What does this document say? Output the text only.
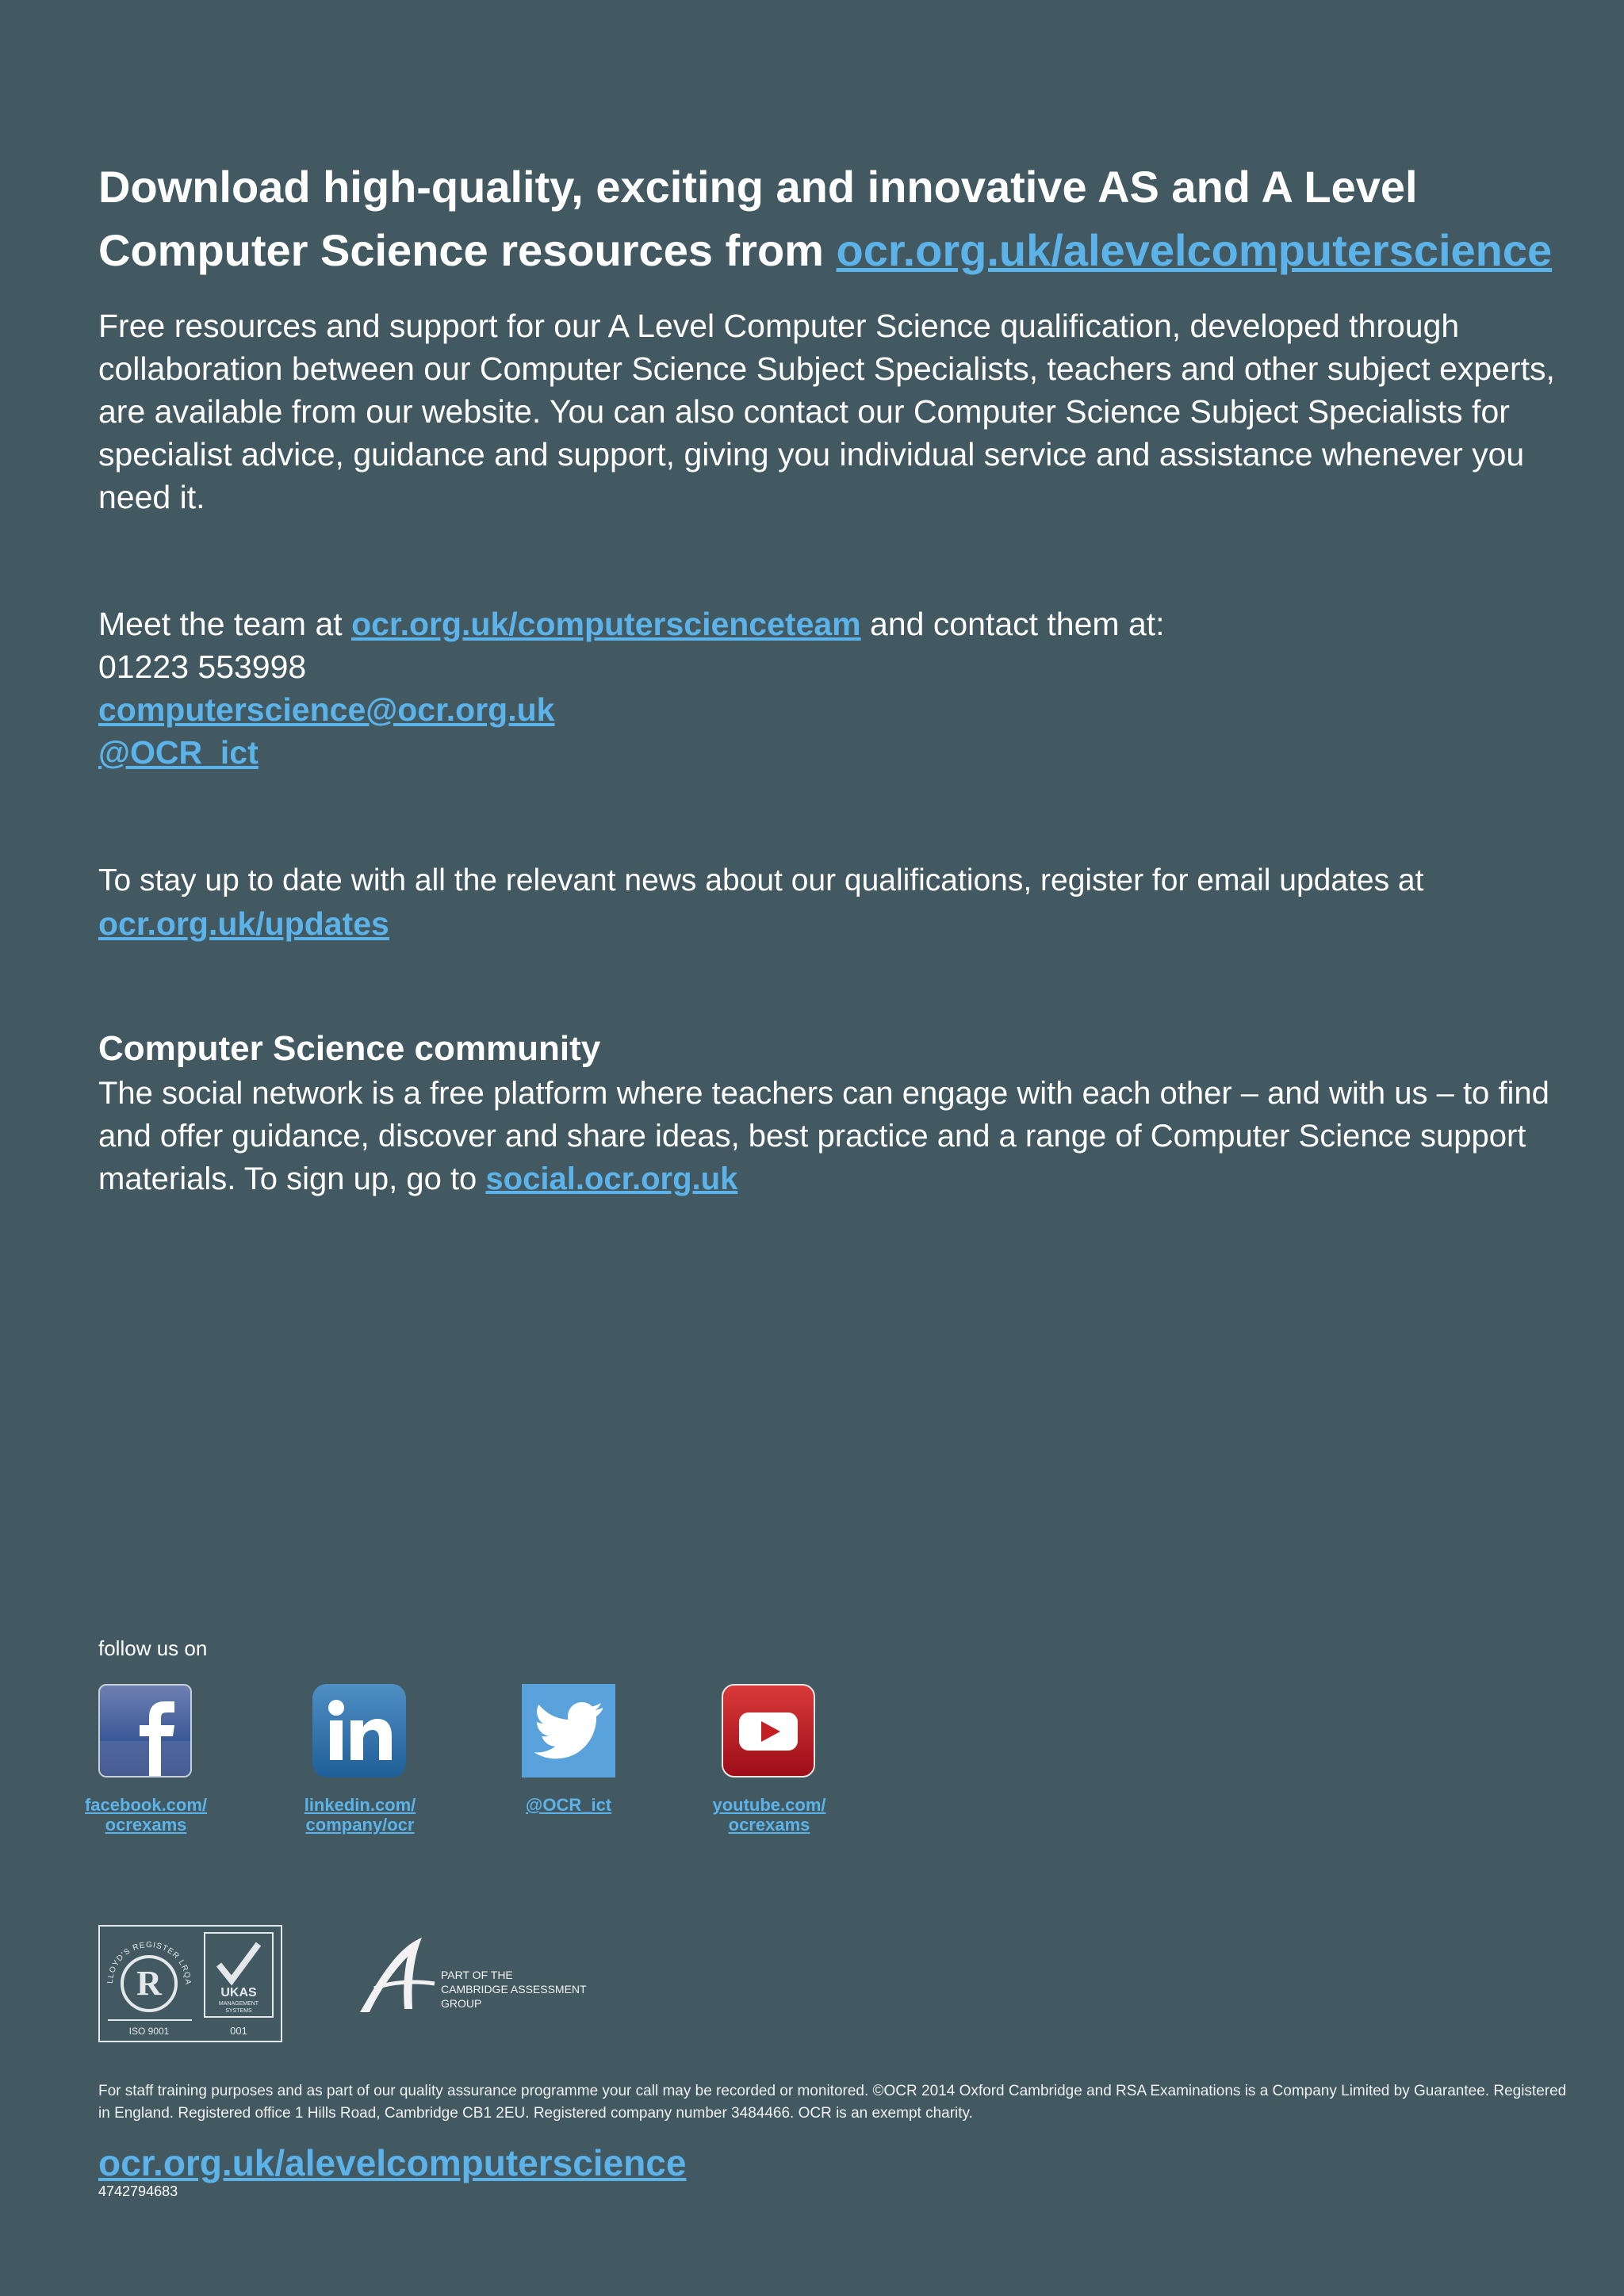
Download high-quality, exciting and innovative AS and A Level Computer Science resources from ocr.org.uk/alevelcomputerscience

Free resources and support for our A Level Computer Science qualification, developed through collaboration between our Computer Science Subject Specialists, teachers and other subject experts, are available from our website. You can also contact our Computer Science Subject Specialists for specialist advice, guidance and support, giving you individual service and assistance whenever you need it.

Meet the team at ocr.org.uk/computerscienceteam and contact them at:
01223 553998
computerscience@ocr.org.uk
@OCR_ict
To stay up to date with all the relevant news about our qualifications, register for email updates at
ocr.org.uk/updates
Computer Science community

The social network is a free platform where teachers can engage with each other – and with us – to find and offer guidance, discover and share ideas, best practice and a range of Computer Science support materials. To sign up, go to social.ocr.org.uk

follow us on
facebook.com/
ocrexams
linkedin.com/
company/ocr
@OCR_ict	youtube.com/
ocrexams
R
LLOYD'S REGISTER LRQA
ISO 9001
UKAS
MANAGEMENT
SYSTEMS
001
PART OF THE
CAMBRIDGE ASSESSMENT
GROUP

For staff training purposes and as part of our quality assurance programme your call may be recorded or monitored. ©OCR 2014 Oxford Cambridge and RSA Examinations is a Company Limited by Guarantee. Registered in England. Registered office 1 Hills Road, Cambridge CB1 2EU. Registered company number 3484466. OCR is an exempt charity.

ocr.org.uk/alevelcomputerscience
4742794683
